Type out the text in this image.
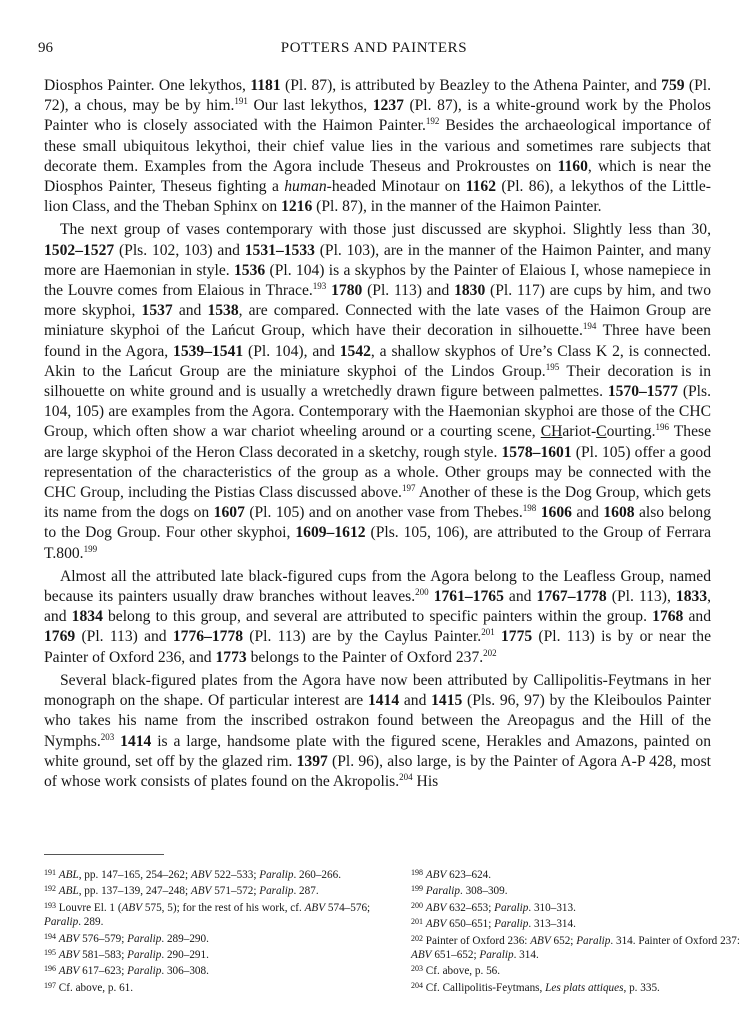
96	POTTERS AND PAINTERS

Diosphos Painter. One lekythos, 1181 (Pl. 87), is attributed by Beazley to the Athena Painter, and 759 (Pl. 72), a chous, may be by him.$^{191}$ Our last lekythos, 1237 (Pl. 87), is a white-ground work by the Pholos Painter who is closely associated with the Haimon Painter.$^{192}$ Besides the archaeological importance of these small ubiquitous lekythoi, their chief value lies in the various and sometimes rare subjects that decorate them. Examples from the Agora include Theseus and Prokroustes on 1160, which is near the Diosphos Painter, Theseus fighting a human-headed Minotaur on 1162 (Pl. 86), a lekythos of the Little-lion Class, and the Theban Sphinx on 1216 (Pl. 87), in the manner of the Haimon Painter.

The next group of vases contemporary with those just discussed are skyphoi. Slightly less than 30, 1502–1527 (Pls. 102, 103) and 1531–1533 (Pl. 103), are in the manner of the Haimon Painter, and many more are Haemonian in style. 1536 (Pl. 104) is a skyphos by the Painter of Elaious I, whose namepiece in the Louvre comes from Elaious in Thrace.$^{193}$ 1780 (Pl. 113) and 1830 (Pl. 117) are cups by him, and two more skyphoi, 1537 and 1538, are compared. Connected with the late vases of the Haimon Group are miniature skyphoi of the Lańcut Group, which have their decoration in silhouette.$^{194}$ Three have been found in the Agora, 1539–1541 (Pl. 104), and 1542, a shallow skyphos of Ure’s Class K 2, is connected. Akin to the Lańcut Group are the miniature skyphoi of the Lindos Group.$^{195}$ Their decoration is in silhouette on white ground and is usually a wretchedly drawn figure between palmettes. 1570–1577 (Pls. 104, 105) are examples from the Agora. Contemporary with the Haemonian skyphoi are those of the CHC Group, which often show a war chariot wheeling around or a courting scene, CHariot-Courting.$^{196}$ These are large skyphoi of the Heron Class decorated in a sketchy, rough style. 1578–1601 (Pl. 105) offer a good representation of the characteristics of the group as a whole. Other groups may be connected with the CHC Group, including the Pistias Class discussed above.$^{197}$ Another of these is the Dog Group, which gets its name from the dogs on 1607 (Pl. 105) and on another vase from Thebes.$^{198}$ 1606 and 1608 also belong to the Dog Group. Four other skyphoi, 1609–1612 (Pls. 105, 106), are attributed to the Group of Ferrara T.800.$^{199}$

Almost all the attributed late black-figured cups from the Agora belong to the Leafless Group, named because its painters usually draw branches without leaves.$^{200}$ 1761–1765 and 1767–1778 (Pl. 113), 1833, and 1834 belong to this group, and several are attributed to specific painters within the group. 1768 and 1769 (Pl. 113) and 1776–1778 (Pl. 113) are by the Caylus Painter.$^{201}$ 1775 (Pl. 113) is by or near the Painter of Oxford 236, and 1773 belongs to the Painter of Oxford 237.$^{202}$

Several black-figured plates from the Agora have now been attributed by Callipolitis-Feytmans in her monograph on the shape. Of particular interest are 1414 and 1415 (Pls. 96, 97) by the Kleiboulos Painter who takes his name from the inscribed ostrakon found between the Areopagus and the Hill of the Nymphs.$^{203}$ 1414 is a large, handsome plate with the figured scene, Herakles and Amazons, painted on white ground, set off by the glazed rim. 1397 (Pl. 96), also large, is by the Painter of Agora A-P 428, most of whose work consists of plates found on the Akropolis.$^{204}$ His

$^{191}$ ABL, pp. 147–165, 254–262; ABV 522–533; Paralip. 260–266.
$^{192}$ ABL, pp. 137–139, 247–248; ABV 571–572; Paralip. 287.
$^{193}$ Louvre El. 1 (ABV 575, 5); for the rest of his work, cf. ABV 574–576; Paralip. 289.
$^{194}$ ABV 576–579; Paralip. 289–290.
$^{195}$ ABV 581–583; Paralip. 290–291.
$^{196}$ ABV 617–623; Paralip. 306–308.
$^{197}$ Cf. above, p. 61.
$^{198}$ ABV 623–624.
$^{199}$ Paralip. 308–309.
$^{200}$ ABV 632–653; Paralip. 310–313.
$^{201}$ ABV 650–651; Paralip. 313–314.
$^{202}$ Painter of Oxford 236: ABV 652; Paralip. 314. Painter of Oxford 237: ABV 651–652; Paralip. 314.
$^{203}$ Cf. above, p. 56.
$^{204}$ Cf. Callipolitis-Feytmans, Les plats attiques, p. 335.
